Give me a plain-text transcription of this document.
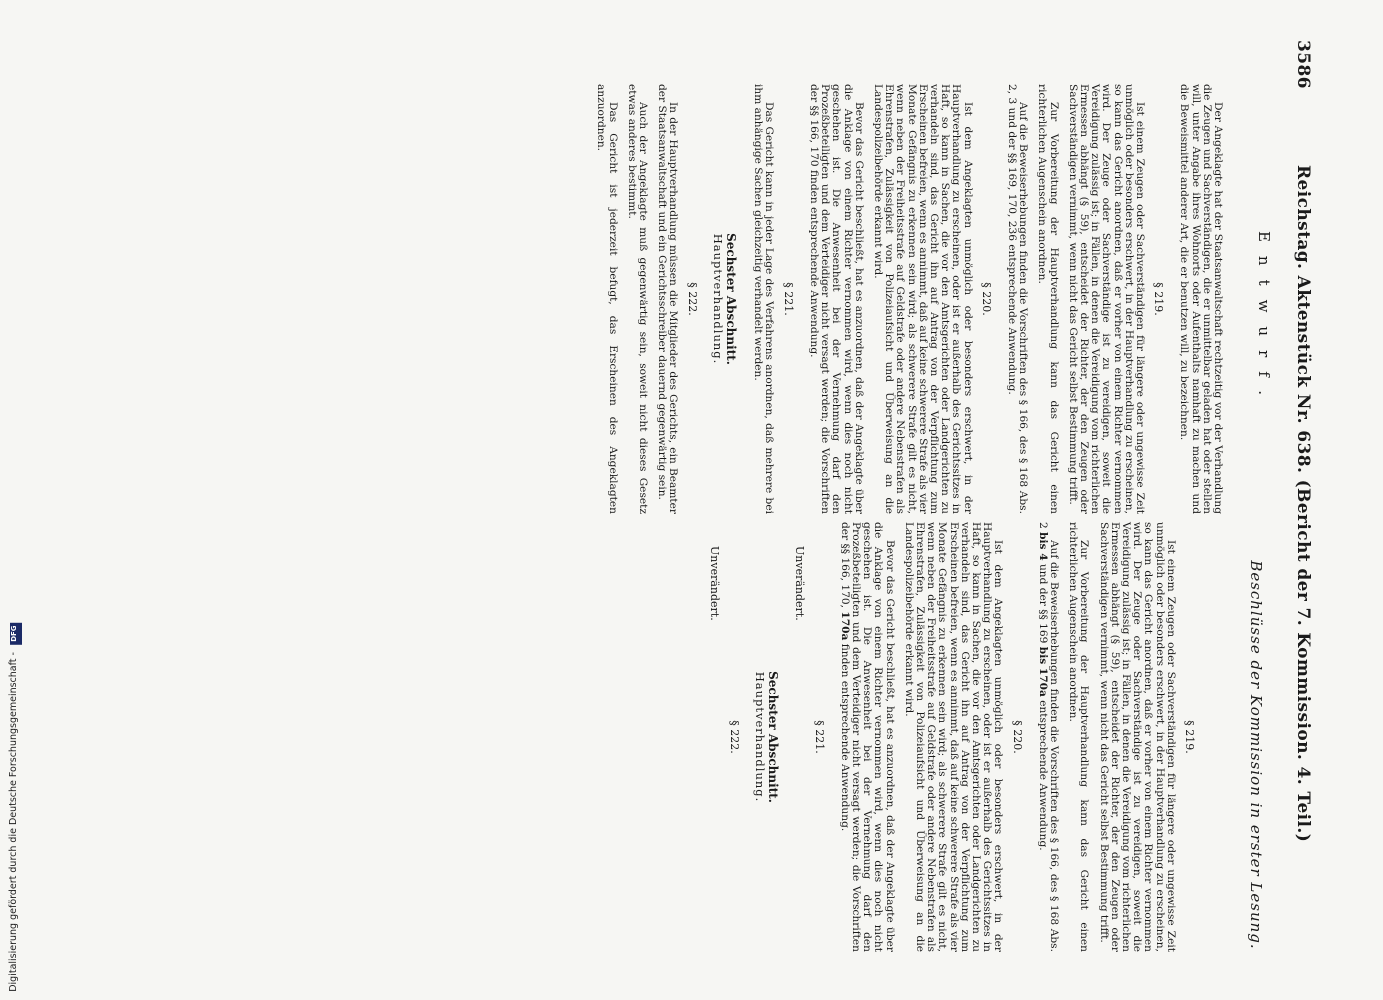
3586
Reichstag. Aktenstück Nr. 638. (Bericht der 7. Kommission. 4. Teil.)
Entwurf.
Beschlüsse der Kommission in erster Lesung.

Der Angeklagte hat der Staatsanwaltschaft rechtzeitig vor der Verhandlung die Zeugen und Sachverständigen, die er unmittelbar geladen hat oder stellen will, unter Angabe ihres Wohnorts oder Aufenthalts namhaft zu machen und die Beweismittel anderer Art, die er benutzen will, zu bezeichnen.

§ 219.

Ist einem Zeugen oder Sachverständigen für längere oder ungewisse Zeit unmöglich oder besonders erschwert, in der Hauptverhandlung zu erscheinen, so kann das Gericht anordnen, daß er vorher von einem Richter vernommen wird. Der Zeuge oder Sachverständige ist zu vereidigen, soweit die Vereidigung zulässig ist; in Fällen, in denen die Vereidigung vom richterlichen Ermessen abhängt (§ 59), entscheidet der Richter, der den Zeugen oder Sachverständigen vernimmt, wenn nicht das Gericht selbst Bestimmung trifft.

Zur Vorbereitung der Hauptverhandlung kann das Gericht einen richterlichen Augenschein anordnen.

Auf die Beweiserhebungen finden die Vorschriften des § 166, des § 168 Abs. 2, 3 und der §§ 169, 170, 236 entsprechende Anwendung.

§ 220.

Ist dem Angeklagten unmöglich oder besonders erschwert, in der Hauptverhandlung zu erscheinen, oder ist er außerhalb des Gerichtssitzes in Haft, so kann in Sachen, die vor den Amtsgerichten oder Landgerichten zu verhandeln sind, das Gericht ihn auf Antrag von der Verpflichtung zum Erscheinen befreien, wenn es annimmt, daß auf keine schwerere Strafe als vier Monate Gefängnis zu erkennen sein wird; als schwerere Strafe gilt es nicht, wenn neben der Freiheitsstrafe auf Geldstrafe oder andere Nebenstrafen als Ehrenstrafen, Zulässigkeit von Polizeiaufsicht und Überweisung an die Landespolizeibehörde erkannt wird.

Bevor das Gericht beschließt, hat es anzuordnen, daß der Angeklagte über die Anklage von einem Richter vernommen wird, wenn dies noch nicht geschehen ist. Die Anwesenheit bei der Vernehmung darf den Prozeßbeteiligten und dem Verteidiger nicht versagt werden; die Vorschriften der §§ 166, 170 finden entsprechende Anwendung.

§ 221.

Das Gericht kann in jeder Lage des Verfahrens anordnen, daß mehrere bei ihm anhängige Sachen gleichzeitig verhandelt werden.

Sechster Abschnitt.
Hauptverhandlung.
§ 222.

In der Hauptverhandlung müssen die Mitglieder des Gerichts, ein Beamter der Staatsanwaltschaft und ein Gerichtsschreiber dauernd gegenwärtig sein.

Auch der Angeklagte muß gegenwärtig sein, soweit nicht dieses Gesetz etwas anderes bestimmt.

Das Gericht ist jederzeit befugt, das Erscheinen des Angeklagten anzuordnen.

§ 219.

Ist einem Zeugen oder Sachverständigen für längere oder ungewisse Zeit unmöglich oder besonders erschwert, in der Hauptverhandlung zu erscheinen, so kann das Gericht anordnen, daß er vorher von einem Richter vernommen wird. Der Zeuge oder Sachverständige ist zu vereidigen, soweit die Vereidigung zulässig ist; in Fällen, in denen die Vereidigung vom richterlichen Ermessen abhängt (§ 59), entscheidet der Richter, der den Zeugen oder Sachverständigen vernimmt, wenn nicht das Gericht selbst Bestimmung trifft.

Zur Vorbereitung der Hauptverhandlung kann das Gericht einen richterlichen Augenschein anordnen.

Auf die Beweiserhebungen finden die Vorschriften des § 166, des § 168 Abs. 2 bis 4 und der §§ 169 bis 170a entsprechende Anwendung.

§ 220.

Ist dem Angeklagten unmöglich oder besonders erschwert, in der Hauptverhandlung zu erscheinen, oder ist er außerhalb des Gerichtssitzes in Haft, so kann in Sachen, die vor den Amtsgerichten oder Landgerichten zu verhandeln sind, das Gericht ihn auf Antrag von der Verpflichtung zum Erscheinen befreien, wenn es annimmt, daß auf keine schwerere Strafe als vier Monate Gefängnis zu erkennen sein wird; als schwerere Strafe gilt es nicht, wenn neben der Freiheitsstrafe auf Geldstrafe oder andere Nebenstrafen als Ehrenstrafen, Zulässigkeit von Polizeiaufsicht und Überweisung an die Landespolizeibehörde erkannt wird.

Bevor das Gericht beschließt, hat es anzuordnen, daß der Angeklagte über die Anklage von einem Richter vernommen wird, wenn dies noch nicht geschehen ist. Die Anwesenheit bei der Vernehmung darf den Prozeßbeteiligten und dem Verteidiger nicht versagt werden; die Vorschriften der §§ 166, 170, 170a finden entsprechende Anwendung.

§ 221.
Unverändert.
Sechster Abschnitt.
Hauptverhandlung.
§ 222.
Unverändert.
Digitalisierung gefördert durch die Deutsche Forschungsgemeinschaft - DFG
